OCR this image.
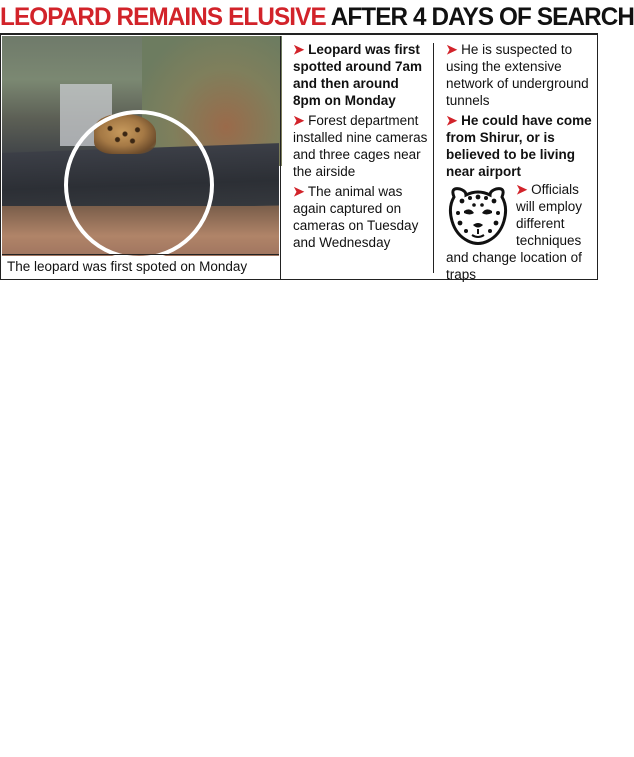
LEOPARD REMAINS ELUSIVE AFTER 4 DAYS OF SEARCH
The leopard was first spoted on Monday

➤ Leopard was first spotted around 7am and then around 8pm on Monday

➤ Forest department installed nine cameras and three cages near the airside

➤ The animal was again captured on cameras on Tuesday and Wednesday

➤ He is suspected to using the extensive network of underground tunnels

➤ He could have come from Shirur, or is believed to be living near airport

➤ Officials will employ different techniques and change location of traps
